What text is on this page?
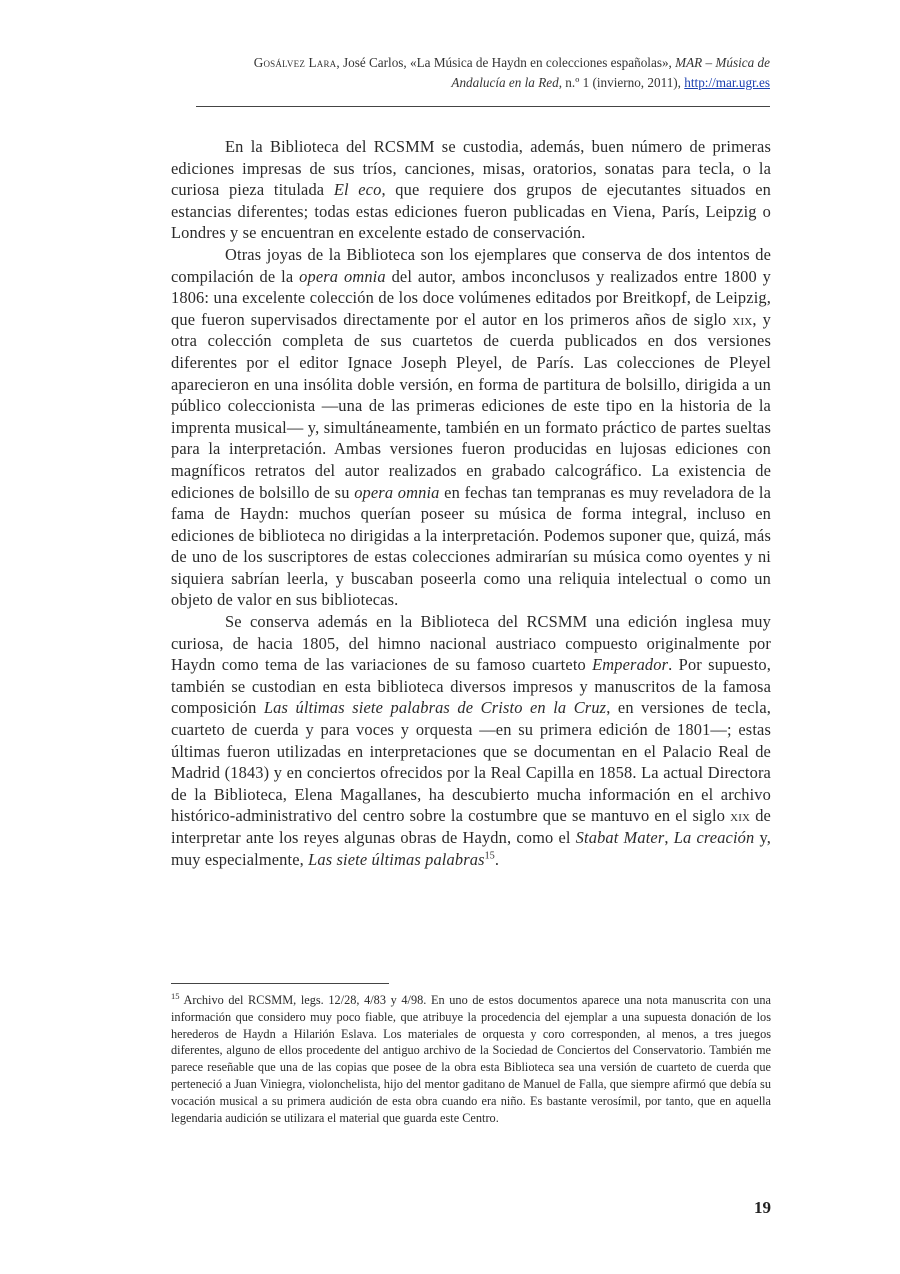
Gosálvez Lara, José Carlos, «La Música de Haydn en colecciones españolas», MAR – Música de
Andalucía en la Red, n.º 1 (invierno, 2011), http://mar.ugr.es

En la Biblioteca del RCSMM se custodia, además, buen número de primeras ediciones impresas de sus tríos, canciones, misas, oratorios, sonatas para tecla, o la curiosa pieza titulada El eco, que requiere dos grupos de ejecutantes situados en estancias diferentes; todas estas ediciones fueron publicadas en Viena, París, Leipzig o Londres y se encuentran en excelente estado de conservación.

Otras joyas de la Biblioteca son los ejemplares que conserva de dos intentos de compilación de la opera omnia del autor, ambos inconclusos y realizados entre 1800 y 1806: una excelente colección de los doce volúmenes editados por Breitkopf, de Leipzig, que fueron supervisados directamente por el autor en los primeros años de siglo xix, y otra colección completa de sus cuartetos de cuerda publicados en dos versiones diferentes por el editor Ignace Joseph Pleyel, de París. Las colecciones de Pleyel aparecieron en una insólita doble versión, en forma de partitura de bolsillo, dirigida a un público coleccionista —una de las primeras ediciones de este tipo en la historia de la imprenta musical— y, simultáneamente, también en un formato práctico de partes sueltas para la interpretación. Ambas versiones fueron producidas en lujosas ediciones con magníficos retratos del autor realizados en grabado calcográfico. La existencia de ediciones de bolsillo de su opera omnia en fechas tan tempranas es muy reveladora de la fama de Haydn: muchos querían poseer su música de forma integral, incluso en ediciones de biblioteca no dirigidas a la interpretación. Podemos suponer que, quizá, más de uno de los suscriptores de estas colecciones admirarían su música como oyentes y ni siquiera sabrían leerla, y buscaban poseerla como una reliquia intelectual o como un objeto de valor en sus bibliotecas.

Se conserva además en la Biblioteca del RCSMM una edición inglesa muy curiosa, de hacia 1805, del himno nacional austriaco compuesto originalmente por Haydn como tema de las variaciones de su famoso cuarteto Emperador. Por supuesto, también se custodian en esta biblioteca diversos impresos y manuscritos de la famosa composición Las últimas siete palabras de Cristo en la Cruz, en versiones de tecla, cuarteto de cuerda y para voces y orquesta —en su primera edición de 1801—; estas últimas fueron utilizadas en interpretaciones que se documentan en el Palacio Real de Madrid (1843) y en conciertos ofrecidos por la Real Capilla en 1858. La actual Directora de la Biblioteca, Elena Magallanes, ha descubierto mucha información en el archivo histórico-administrativo del centro sobre la costumbre que se mantuvo en el siglo xix de interpretar ante los reyes algunas obras de Haydn, como el Stabat Mater, La creación y, muy especialmente, Las siete últimas palabras$^{15}$.

$^{15}$ Archivo del RCSMM, legs. 12/28, 4/83 y 4/98. En uno de estos documentos aparece una nota manuscrita con una información que considero muy poco fiable, que atribuye la procedencia del ejemplar a una supuesta donación de los herederos de Haydn a Hilarión Eslava. Los materiales de orquesta y coro corresponden, al menos, a tres juegos diferentes, alguno de ellos procedente del antiguo archivo de la Sociedad de Conciertos del Conservatorio. También me parece reseñable que una de las copias que posee de la obra esta Biblioteca sea una versión de cuarteto de cuerda que perteneció a Juan Viniegra, violonchelista, hijo del mentor gaditano de Manuel de Falla, que siempre afirmó que debía su vocación musical a su primera audición de esta obra cuando era niño. Es bastante verosímil, por tanto, que en aquella legendaria audición se utilizara el material que guarda este Centro.
19
